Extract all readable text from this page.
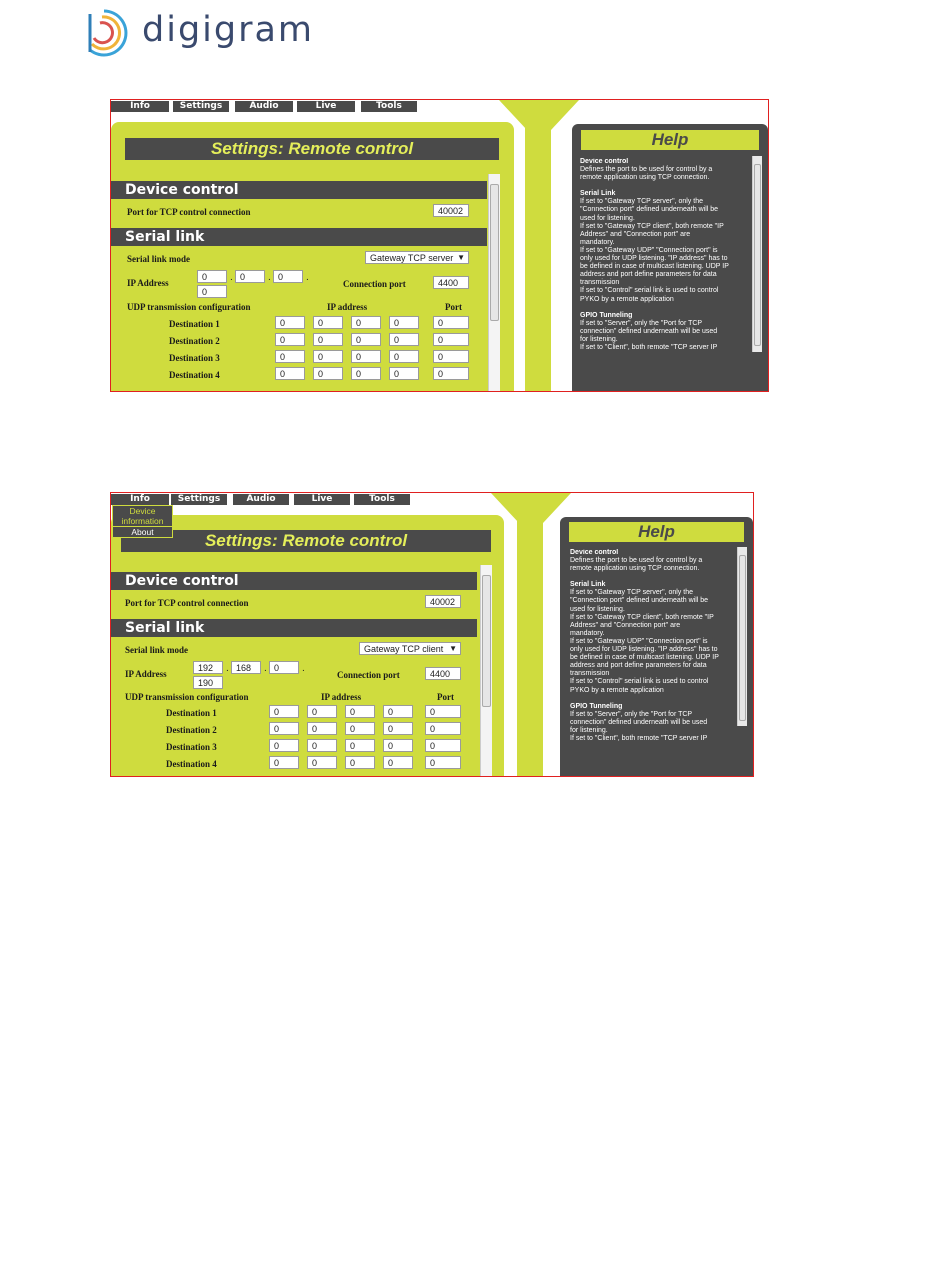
digigram
Info	Settings	Audio	Live	Tools
Settings: Remote control
Device control
Port for TCP control connection	40002
Serial link
Serial link mode	Gateway TCP server ▼
IP Address
0	. 0	. 0	.
0
Connection port	4400
UDP transmission configuration	IP address	Port
Destination 1	0	0	0	0	0
Destination 2	0	0	0	0	0
Destination 3	0	0	0	0	0
Destination 4	0	0	0	0	0
Help

Device control

Defines the port to be used for control by a

remote application using TCP connection.

Serial Link

If set to "Gateway TCP server", only the

"Connection port" defined underneath will be

used for listening.

If set to "Gateway TCP client", both remote "IP

Address" and "Connection port" are

mandatory.

If set to "Gateway UDP" "Connection port" is

only used for UDP listening. "IP address" has to

be defined in case of multicast listening. UDP IP

address and port define parameters for data

transmission

If set to "Control" serial link is used to control

PYKO by a remote application

GPIO Tunneling

If set to "Server", only the "Port for TCP

connection" defined underneath will be used

for listening.

If set to "Client", both remote "TCP server IP

Info	Settings	Audio	Live	Tools
Settings: Remote control
Device control
Port for TCP control connection	40002
Serial link
Serial link mode	Gateway TCP client ▼
IP Address
192	. 168	. 0	.
190
Connection port	4400
UDP transmission configuration	IP address	Port
Destination 1	0	0	0	0	0
Destination 2	0	0	0	0	0
Destination 3	0	0	0	0	0
Destination 4	0	0	0	0	0
Device information
About	Help

Device control

Defines the port to be used for control by a

remote application using TCP connection.

Serial Link

If set to "Gateway TCP server", only the

"Connection port" defined underneath will be

used for listening.

If set to "Gateway TCP client", both remote "IP

Address" and "Connection port" are

mandatory.

If set to "Gateway UDP" "Connection port" is

only used for UDP listening. "IP address" has to

be defined in case of multicast listening. UDP IP

address and port define parameters for data

transmission

If set to "Control" serial link is used to control

PYKO by a remote application

GPIO Tunneling

If set to "Server", only the "Port for TCP

connection" defined underneath will be used

for listening.

If set to "Client", both remote "TCP server IP
